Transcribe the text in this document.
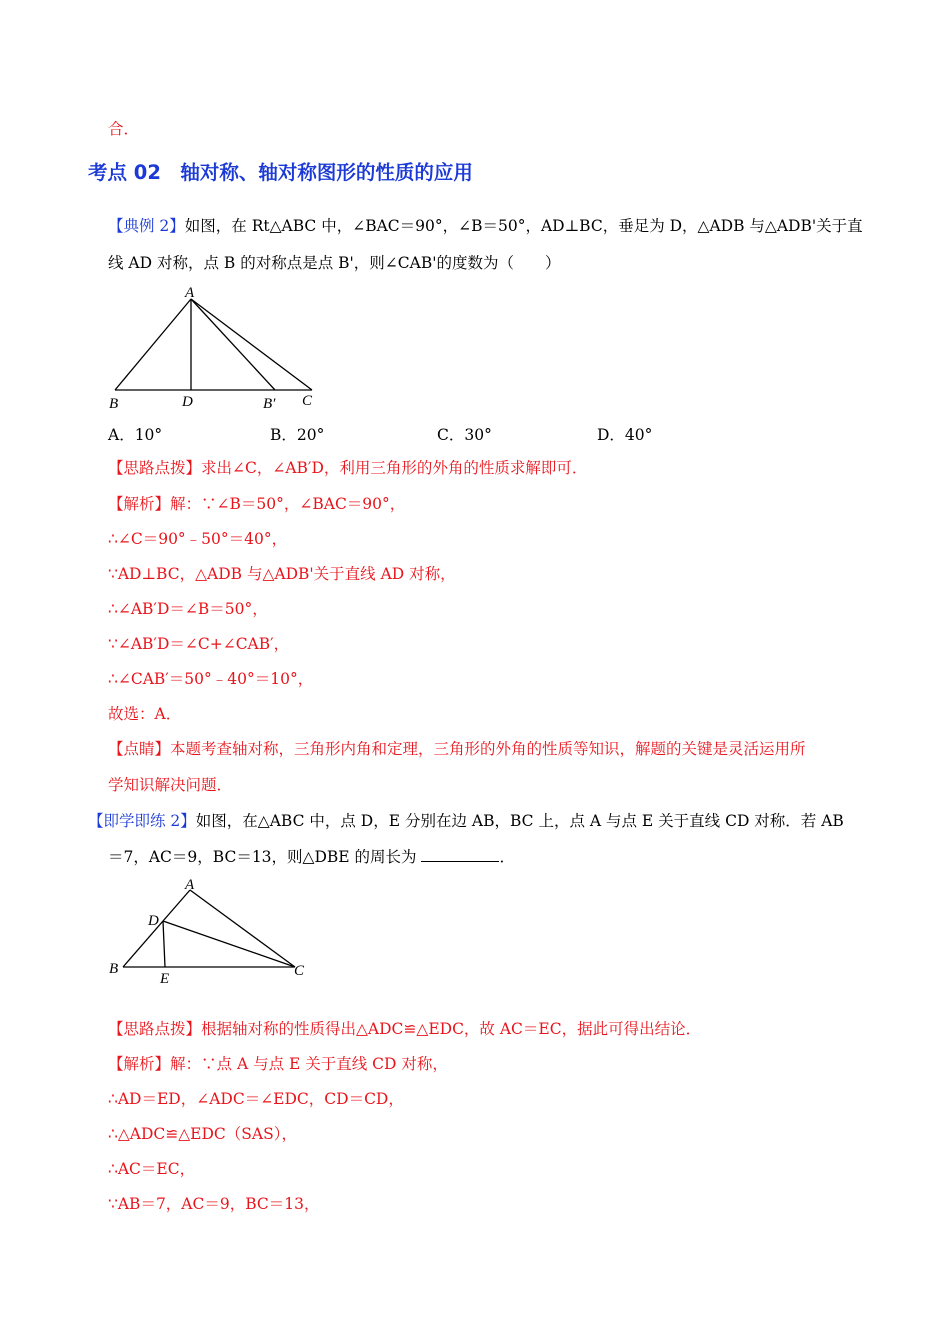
合．
考点 02　轴对称、轴对称图形的性质的应用
【典例 2】如图，在 Rt△ABC 中，∠BAC＝90°，∠B＝50°，AD⊥BC，垂足为 D，△ADB 与△ADB'关于直
线 AD 对称，点 B 的对称点是点 B'，则∠CAB'的度数为（　　）
A
B	D	B′ C
A．10°	B．20°	C．30°	D．40°
【思路点拨】求出∠C，∠AB′D，利用三角形的外角的性质求解即可．
【解析】解：∵∠B＝50°，∠BAC＝90°，
∴∠C＝90°﹣50°＝40°，
∵AD⊥BC，△ADB 与△ADB'关于直线 AD 对称，
∴∠AB′D＝∠B＝50°，
∵∠AB′D＝∠C+∠CAB′，
∴∠CAB′＝50°﹣40°＝10°，
故选：A．
【点睛】本题考查轴对称，三角形内角和定理，三角形的外角的性质等知识，解题的关键是灵活运用所
学知识解决问题．
【即学即练 2】如图，在△ABC 中，点 D，E 分别在边 AB，BC 上，点 A 与点 E 关于直线 CD 对称．若 AB
＝7，AC＝9，BC＝13，则△DBE 的周长为	．
A
D
B
E	C
【思路点拨】根据轴对称的性质得出△ADC≌△EDC，故 AC＝EC，据此可得出结论．
【解析】解：∵点 A 与点 E 关于直线 CD 对称，
∴AD＝ED，∠ADC＝∠EDC，CD＝CD，
∴△ADC≌△EDC（SAS），
∴AC＝EC，
∵AB＝7，AC＝9，BC＝13，
